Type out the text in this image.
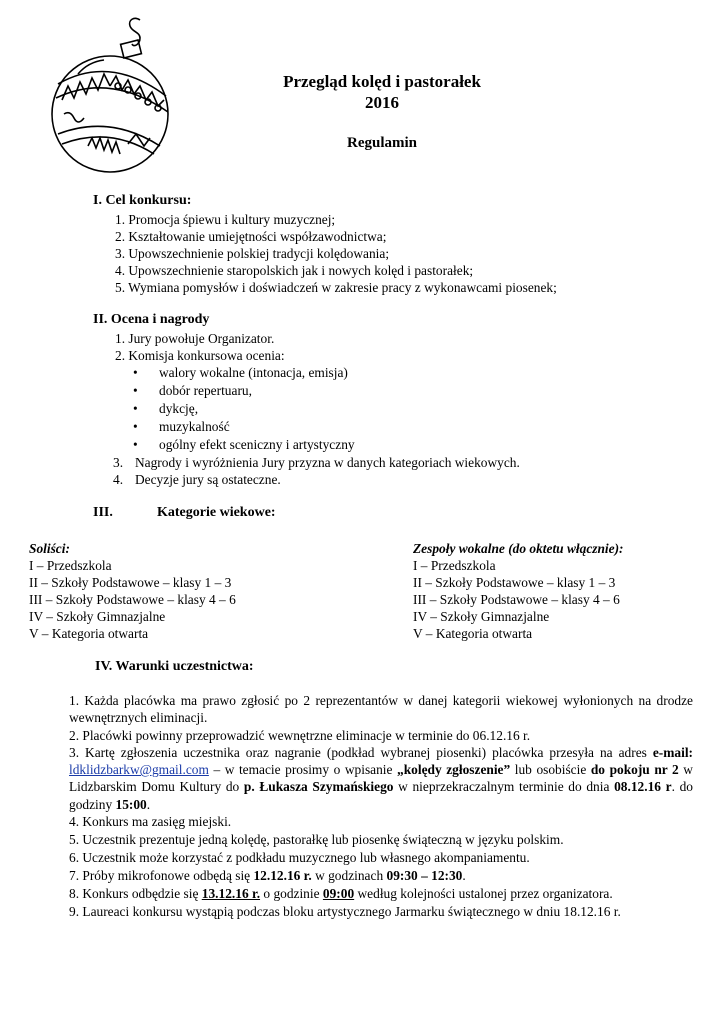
Przegląd kolęd i pastorałek
2016
Regulamin
I. Cel konkursu:
1. Promocja śpiewu i kultury muzycznej;
2. Kształtowanie umiejętności współzawodnictwa;
3. Upowszechnienie polskiej tradycji kolędowania;
4. Upowszechnienie staropolskich jak i nowych kolęd i pastorałek;
5. Wymiana pomysłów i doświadczeń w zakresie pracy z wykonawcami piosenek;
II. Ocena i nagrody
1. Jury powołuje Organizator.
2. Komisja konkursowa ocenia:
• walory wokalne (intonacja, emisja)
• dobór repertuaru,
• dykcję,
• muzykalność
• ogólny efekt sceniczny i artystyczny
3. Nagrody i wyróżnienia Jury przyzna w danych kategoriach wiekowych.
4. Decyzje jury są ostateczne.
III.	Kategorie wiekowe:
Soliści:
I – Przedszkola
II – Szkoły Podstawowe – klasy 1 – 3
III – Szkoły Podstawowe – klasy 4 – 6
IV – Szkoły Gimnazjalne
V – Kategoria otwarta
Zespoły wokalne (do oktetu włącznie):
I – Przedszkola
II – Szkoły Podstawowe – klasy 1 – 3
III – Szkoły Podstawowe – klasy 4 – 6
IV – Szkoły Gimnazjalne
V – Kategoria otwarta
IV. Warunki uczestnictwa:
1. Każda placówka ma prawo zgłosić po 2 reprezentantów w danej kategorii wiekowej wyłonionych na drodze wewnętrznych eliminacji.
2. Placówki powinny przeprowadzić wewnętrzne eliminacje w terminie do 06.12.16 r.
3. Kartę zgłoszenia uczestnika oraz nagranie (podkład wybranej piosenki) placówka przesyła na adres e-mail: ldklidzbarkw@gmail.com – w temacie prosimy o wpisanie „kolędy zgłoszenie” lub osobiście do pokoju nr 2 w Lidzbarskim Domu Kultury do p. Łukasza Szymańskiego w nieprzekraczalnym terminie do dnia 08.12.16 r. do godziny 15:00.
4. Konkurs ma zasięg miejski.
5. Uczestnik prezentuje jedną kolędę, pastorałkę lub piosenkę świąteczną w języku polskim.
6. Uczestnik może korzystać z podkładu muzycznego lub własnego akompaniamentu.
7. Próby mikrofonowe odbędą się 12.12.16 r. w godzinach 09:30 – 12:30.
8. Konkurs odbędzie się 13.12.16 r. o godzinie 09:00 według kolejności ustalonej przez organizatora.
9. Laureaci konkursu wystąpią podczas bloku artystycznego Jarmarku świątecznego w dniu 18.12.16 r.
